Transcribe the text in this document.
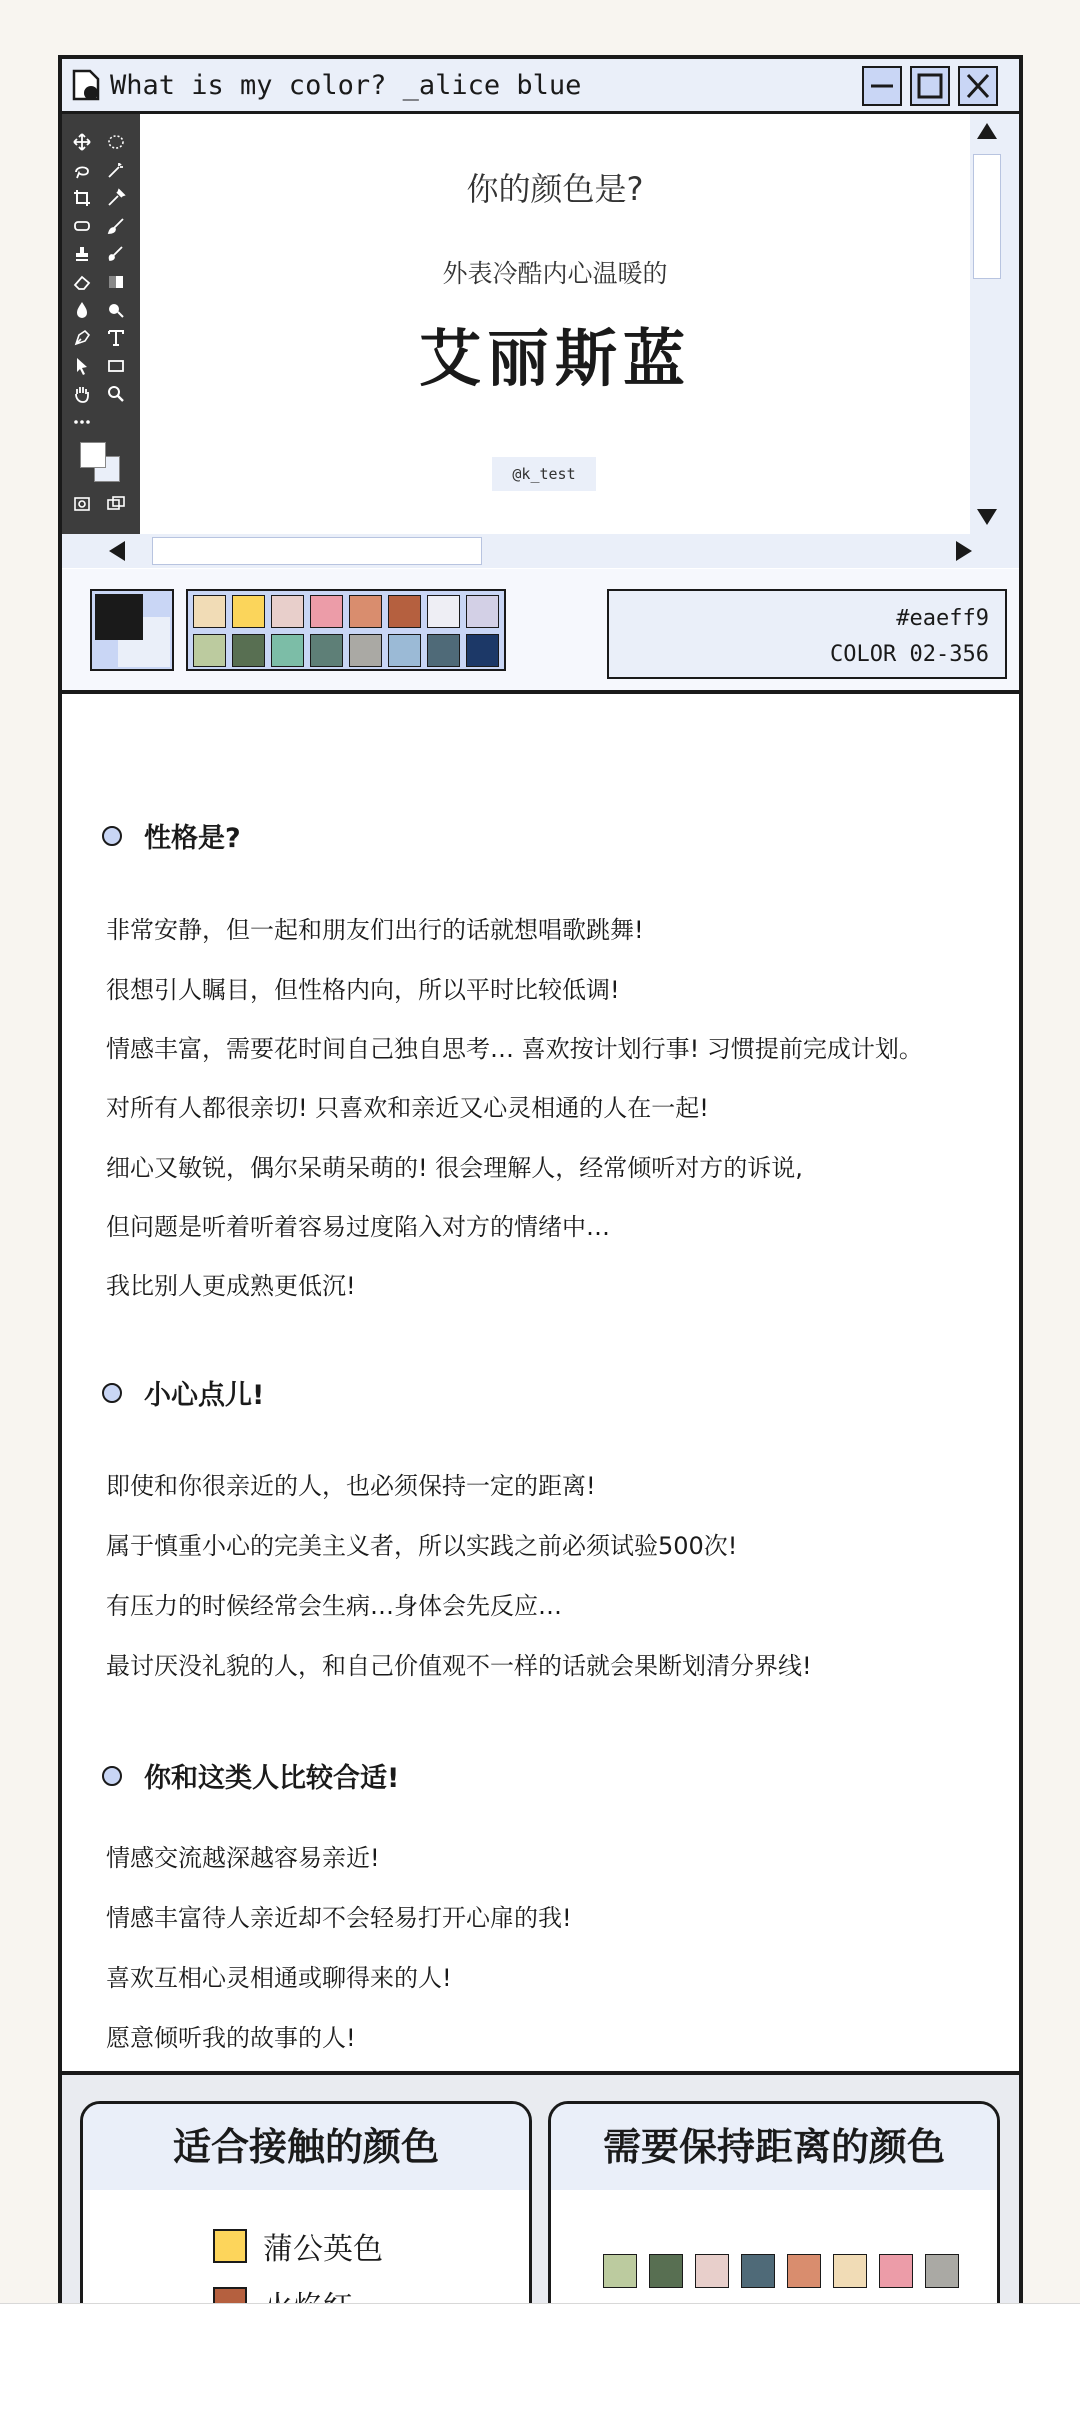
What is my color? _alice blue
你的颜色是?
外表冷酷内心温暖的
艾丽斯蓝
@k_test
#eaeff9
COLOR 02-356
性格是?
非常安静，但一起和朋友们出行的话就想唱歌跳舞!
很想引人瞩目，但性格内向，所以平时比较低调!
情感丰富，需要花时间自己独自思考… 喜欢按计划行事! 习惯提前完成计划。
对所有人都很亲切! 只喜欢和亲近又心灵相通的人在一起!
细心又敏锐，偶尔呆萌呆萌的! 很会理解人，经常倾听对方的诉说,
但问题是听着听着容易过度陷入对方的情绪中…
我比别人更成熟更低沉!
小心点儿!
即使和你很亲近的人，也必须保持一定的距离!
属于慎重小心的完美主义者，所以实践之前必须试验500次!
有压力的时候经常会生病…身体会先反应…
最讨厌没礼貌的人，和自己价值观不一样的话就会果断划清分界线!
你和这类人比较合适!
情感交流越深越容易亲近!
情感丰富待人亲近却不会轻易打开心扉的我!
喜欢互相心灵相通或聊得来的人!
愿意倾听我的故事的人!
适合接触的颜色
蒲公英色
需要保持距离的颜色
